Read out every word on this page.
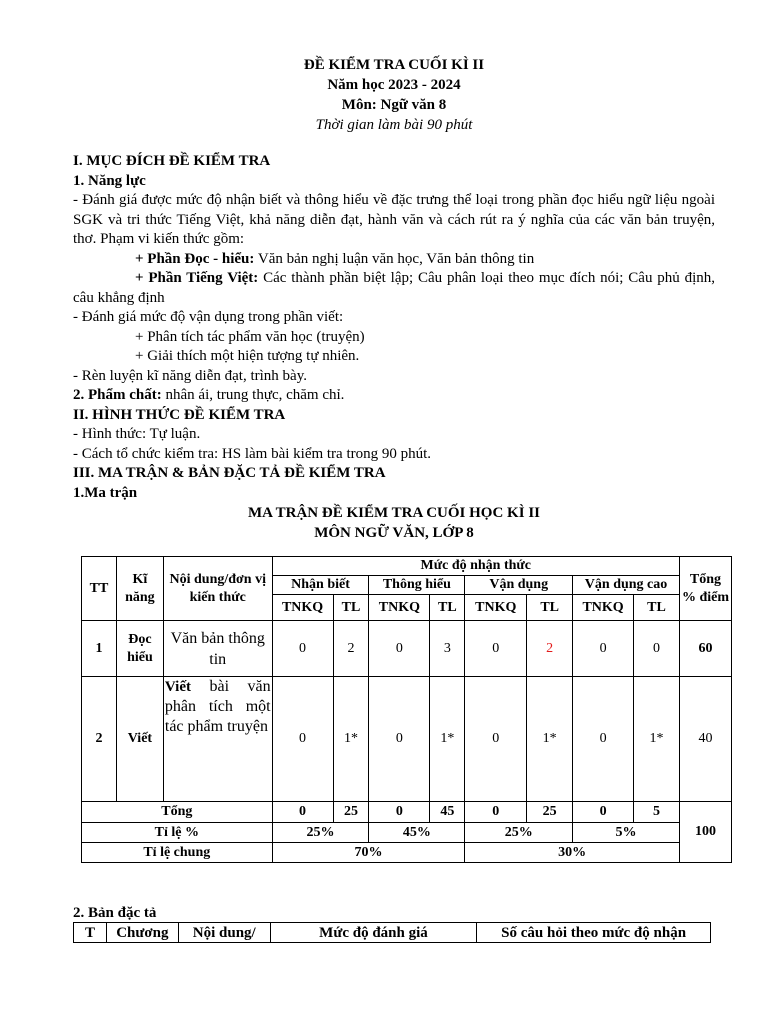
ĐỀ KIỂM TRA CUỐI KÌ II
Năm học 2023 - 2024
Môn: Ngữ văn 8
Thời gian làm bài 90 phút
I. MỤC ĐÍCH ĐỀ KIỂM TRA
1. Năng lực

- Đánh giá được mức độ nhận biết và thông hiểu về đặc trưng thể loại trong phần đọc hiểu ngữ liệu ngoài SGK và tri thức Tiếng Việt, khả năng diễn đạt, hành văn và cách rút ra ý nghĩa của các văn bản truyện, thơ. Phạm vi kiến thức gồm:

+ Phần Đọc - hiểu: Văn bản nghị luận văn học, Văn bản thông tin

+ Phần Tiếng Việt: Các thành phần biệt lập; Câu phân loại theo mục đích nói; Câu phủ định, câu khẳng định

- Đánh giá mức độ vận dụng trong phần viết:

+ Phân tích tác phẩm văn học (truyện)

+ Giải thích một hiện tượng tự nhiên.

- Rèn luyện kĩ năng diễn đạt, trình bày.

2. Phẩm chất: nhân ái, trung thực, chăm chỉ.

II. HÌNH THỨC ĐỀ KIỂM TRA

- Hình thức: Tự luận.

- Cách tổ chức kiểm tra: HS làm bài kiểm tra trong 90 phút.

III. MA TRẬN & BẢN ĐẶC TẢ ĐỀ KIỂM TRA
1.Ma trận
MA TRẬN ĐỀ KIỂM TRA CUỐI HỌC KÌ II
MÔN NGỮ VĂN, LỚP 8
TT	Kĩ năng	Nội dung/đơn vị kiến thức	Mức độ nhận thức								Tổng % điểm
			Nhận biết		Thông hiểu		Vận dụng		Vận dụng cao		
			TNKQ	TL	TNKQ	TL	TNKQ	TL	TNKQ	TL	
1	Đọc hiểu	Văn bản thông tin	0	2	0	3	0	2	0	0	60
2	Viết	Viết bài văn phân tích một tác phẩm truyện	0	1*	0	1*	0	1*	0	1*	40
Tổng			0	25	0	45	0	25	0	5	100
Tỉ lệ %			25%		45%		25%		5%		
Tỉ lệ chung			70%				30%				
2. Bản đặc tả
T	Chương	Nội dung/	Mức độ đánh giá	Số câu hỏi theo mức độ nhận
